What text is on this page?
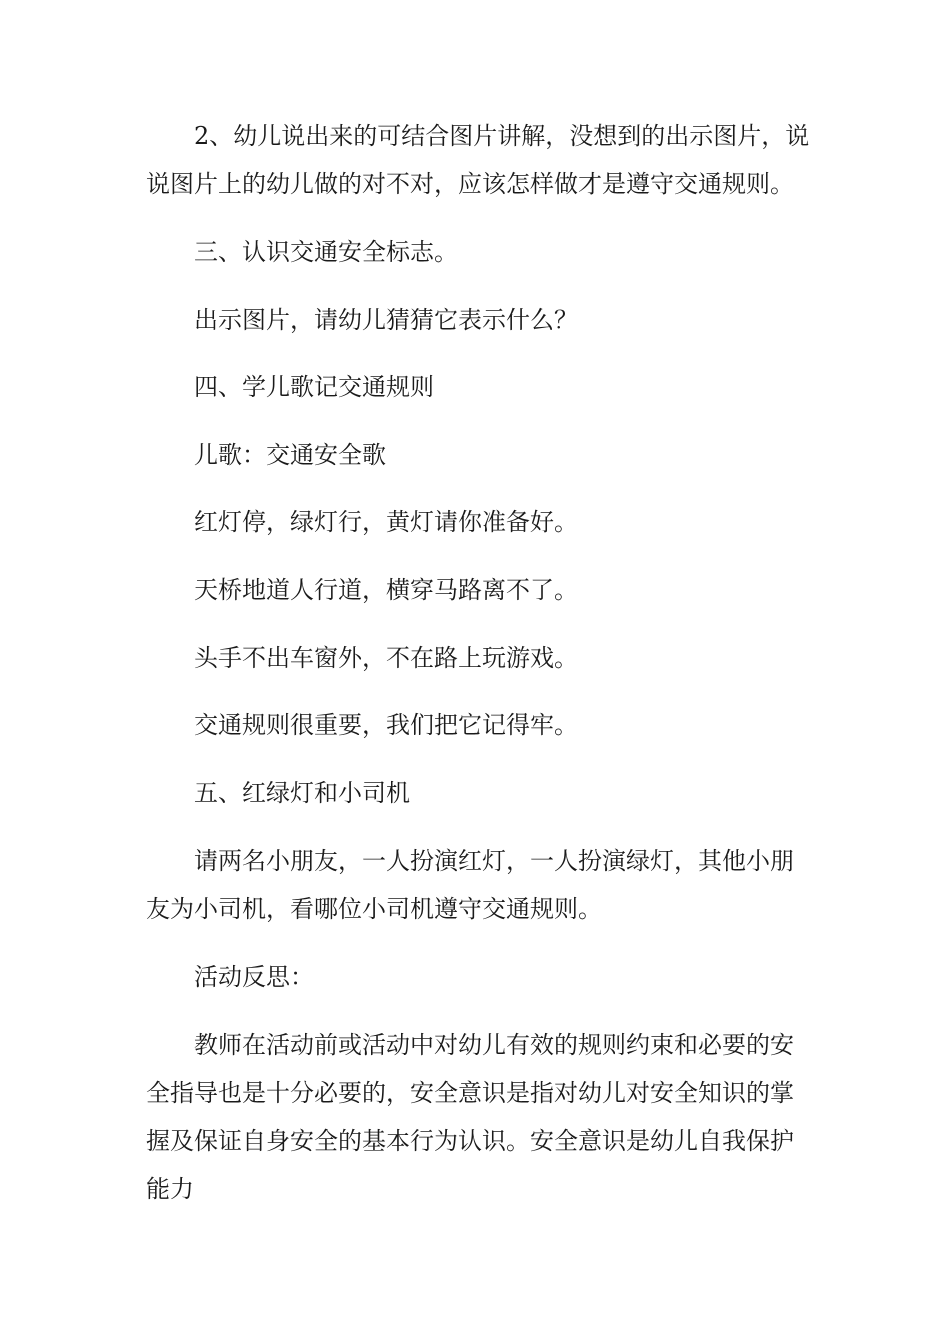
2、幼儿说出来的可结合图片讲解，没想到的出示图片，说说图片上的幼儿做的对不对，应该怎样做才是遵守交通规则。

三、认识交通安全标志。

出示图片，请幼儿猜猜它表示什么？

四、学儿歌记交通规则

儿歌：交通安全歌

红灯停，绿灯行，黄灯请你准备好。

天桥地道人行道，横穿马路离不了。

头手不出车窗外，不在路上玩游戏。

交通规则很重要，我们把它记得牢。

五、红绿灯和小司机

请两名小朋友，一人扮演红灯，一人扮演绿灯，其他小朋友为小司机，看哪位小司机遵守交通规则。

活动反思：

教师在活动前或活动中对幼儿有效的规则约束和必要的安全指导也是十分必要的，安全意识是指对幼儿对安全知识的掌握及保证自身安全的基本行为认识。安全意识是幼儿自我保护能力
